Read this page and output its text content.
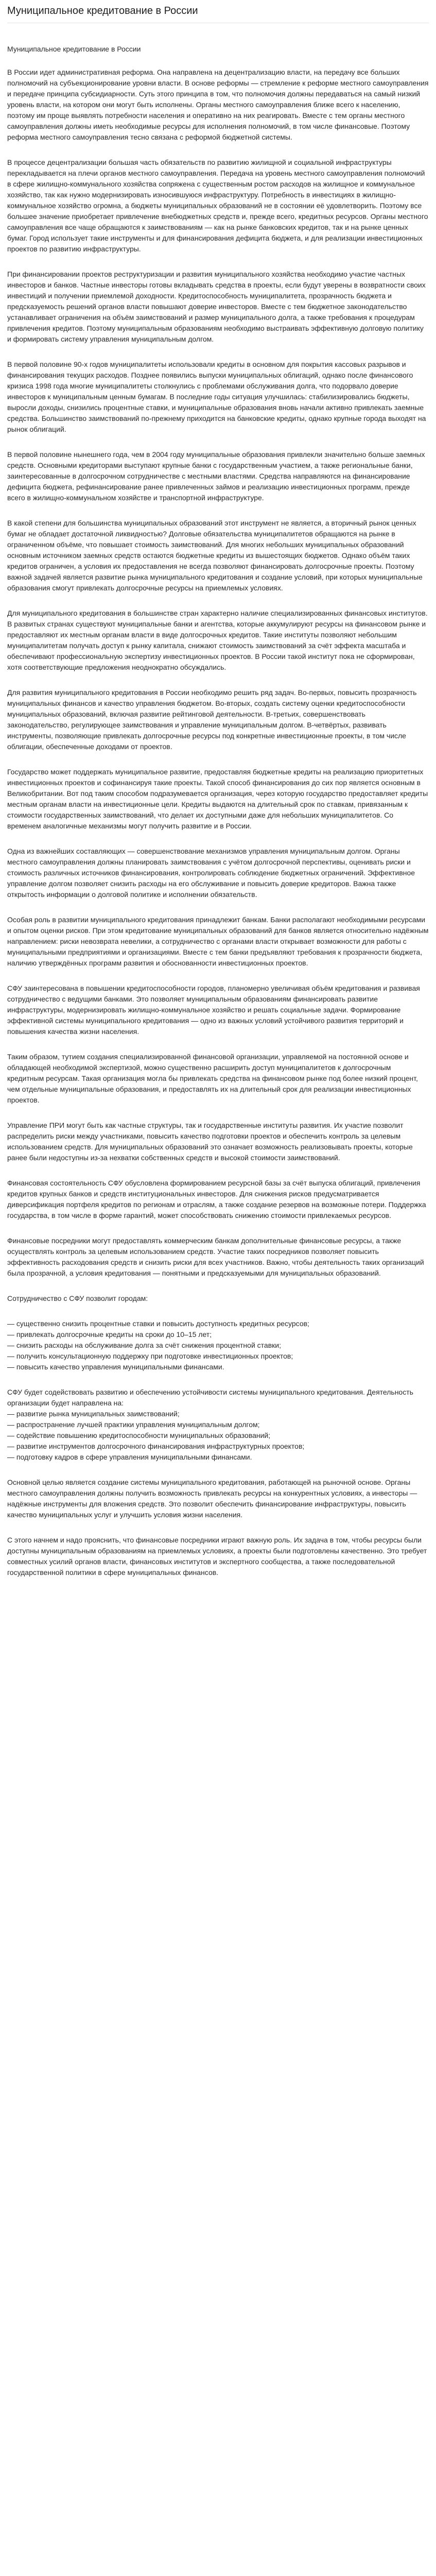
Муниципальное кредитование в России
Муниципальное кредитование в России

В России идет административная реформа. Она направлена на децентрализацию власти, на передачу все больших полномочий на субъекционирование уровни власти. В основе реформы — стремление к реформе местного самоуправления и передаче принципа субсидиарности. Суть этого принципа в том, что полномочия должны передаваться на самый низкий уровень власти, на котором они могут быть исполнены. Органы местного самоуправления ближе всего к населению, поэтому им проще выявлять потребности населения и оперативно на них реагировать. Вместе с тем органы местного самоуправления должны иметь необходимые ресурсы для исполнения полномочий, в том числе финансовые. Поэтому реформа местного самоуправления тесно связана с реформой бюджетной системы.

В процессе децентрализации большая часть обязательств по развитию жилищной и социальной инфраструктуры перекладывается на плечи органов местного самоуправления. Передача на уровень местного самоуправления полномочий в сфере жилищно-коммунального хозяйства сопряжена с существенным ростом расходов на жилищное и коммунальное хозяйство, так как нужно модернизировать износившуюся инфраструктуру. Потребность в инвестициях в жилищно-коммунальное хозяйство огромна, а бюджеты муниципальных образований не в состоянии её удовлетворить. Поэтому все большее значение приобретает привлечение внебюджетных средств и, прежде всего, кредитных ресурсов. Органы местного самоуправления все чаще обращаются к заимствованиям — как на рынке банковских кредитов, так и на рынке ценных бумаг. Город использует такие инструменты и для финансирования дефицита бюджета, и для реализации инвестиционных проектов по развитию инфраструктуры.

При финансировании проектов реструктуризации и развития муниципального хозяйства необходимо участие частных инвесторов и банков. Частные инвесторы готовы вкладывать средства в проекты, если будут уверены в возвратности своих инвестиций и получении приемлемой доходности. Кредитоспособность муниципалитета, прозрачность бюджета и предсказуемость решений органов власти повышают доверие инвесторов. Вместе с тем бюджетное законодательство устанавливает ограничения на объём заимствований и размер муниципального долга, а также требования к процедурам привлечения кредитов. Поэтому муниципальным образованиям необходимо выстраивать эффективную долговую политику и формировать систему управления муниципальным долгом.

В первой половине 90-х годов муниципалитеты использовали кредиты в основном для покрытия кассовых разрывов и финансирования текущих расходов. Позднее появились выпуски муниципальных облигаций, однако после финансового кризиса 1998 года многие муниципалитеты столкнулись с проблемами обслуживания долга, что подорвало доверие инвесторов к муниципальным ценным бумагам. В последние годы ситуация улучшилась: стабилизировались бюджеты, выросли доходы, снизились процентные ставки, и муниципальные образования вновь начали активно привлекать заемные средства. Большинство заимствований по-прежнему приходится на банковские кредиты, однако крупные города выходят на рынок облигаций.

В первой половине нынешнего года, чем в 2004 году муниципальные образования привлекли значительно больше заемных средств. Основными кредиторами выступают крупные банки с государственным участием, а также региональные банки, заинтересованные в долгосрочном сотрудничестве с местными властями. Средства направляются на финансирование дефицита бюджета, рефинансирование ранее привлеченных займов и реализацию инвестиционных программ, прежде всего в жилищно-коммунальном хозяйстве и транспортной инфраструктуре.

В какой степени для большинства муниципальных образований этот инструмент не является, а вторичный рынок ценных бумаг не обладает достаточной ликвидностью? Долговые обязательства муниципалитетов обращаются на рынке в ограниченном объёме, что повышает стоимость заимствований. Для многих небольших муниципальных образований основным источником заемных средств остаются бюджетные кредиты из вышестоящих бюджетов. Однако объём таких кредитов ограничен, а условия их предоставления не всегда позволяют финансировать долгосрочные проекты. Поэтому важной задачей является развитие рынка муниципального кредитования и создание условий, при которых муниципальные образования смогут привлекать долгосрочные ресурсы на приемлемых условиях.

Для муниципального кредитования в большинстве стран характерно наличие специализированных финансовых институтов. В развитых странах существуют муниципальные банки и агентства, которые аккумулируют ресурсы на финансовом рынке и предоставляют их местным органам власти в виде долгосрочных кредитов. Такие институты позволяют небольшим муниципалитетам получать доступ к рынку капитала, снижают стоимость заимствований за счёт эффекта масштаба и обеспечивают профессиональную экспертизу инвестиционных проектов. В России такой институт пока не сформирован, хотя соответствующие предложения неоднократно обсуждались.

Для развития муниципального кредитования в России необходимо решить ряд задач. Во-первых, повысить прозрачность муниципальных финансов и качество управления бюджетом. Во-вторых, создать систему оценки кредитоспособности муниципальных образований, включая развитие рейтинговой деятельности. В-третьих, совершенствовать законодательство, регулирующее заимствования и управление муниципальным долгом. В-четвёртых, развивать инструменты, позволяющие привлекать долгосрочные ресурсы под конкретные инвестиционные проекты, в том числе облигации, обеспеченные доходами от проектов.

Государство может поддержать муниципальное развитие, предоставляя бюджетные кредиты на реализацию приоритетных инвестиционных проектов и софинансируя такие проекты. Такой способ финансирования до сих пор является основным в Великобритании. Вот под таким способом подразумевается организация, через которую государство предоставляет кредиты местным органам власти на инвестиционные цели. Кредиты выдаются на длительный срок по ставкам, привязанным к стоимости государственных заимствований, что делает их доступными даже для небольших муниципалитетов. Со временем аналогичные механизмы могут получить развитие и в России.

Одна из важнейших составляющих — совершенствование механизмов управления муниципальным долгом. Органы местного самоуправления должны планировать заимствования с учётом долгосрочной перспективы, оценивать риски и стоимость различных источников финансирования, контролировать соблюдение бюджетных ограничений. Эффективное управление долгом позволяет снизить расходы на его обслуживание и повысить доверие кредиторов. Важна также открытость информации о долговой политике и исполнении обязательств.

Особая роль в развитии муниципального кредитования принадлежит банкам. Банки располагают необходимыми ресурсами и опытом оценки рисков. При этом кредитование муниципальных образований для банков является относительно надёжным направлением: риски невозврата невелики, а сотрудничество с органами власти открывает возможности для работы с муниципальными предприятиями и организациями. Вместе с тем банки предъявляют требования к прозрачности бюджета, наличию утверждённых программ развития и обоснованности инвестиционных проектов.

СФУ заинтересована в повышении кредитоспособности городов, планомерно увеличивая объём кредитования и развивая сотрудничество с ведущими банками. Это позволяет муниципальным образованиям финансировать развитие инфраструктуры, модернизировать жилищно-коммунальное хозяйство и решать социальные задачи. Формирование эффективной системы муниципального кредитования — одно из важных условий устойчивого развития территорий и повышения качества жизни населения.

Таким образом, тутием создания специализированной финансовой организации, управляемой на постоянной основе и обладающей необходимой экспертизой, можно существенно расширить доступ муниципалитетов к долгосрочным кредитным ресурсам. Такая организация могла бы привлекать средства на финансовом рынке под более низкий процент, чем отдельные муниципальные образования, и предоставлять их на длительный срок для реализации инвестиционных проектов.

Управление ПРИ могут быть как частные структуры, так и государственные институты развития. Их участие позволит распределить риски между участниками, повысить качество подготовки проектов и обеспечить контроль за целевым использованием средств. Для муниципальных образований это означает возможность реализовывать проекты, которые ранее были недоступны из-за нехватки собственных средств и высокой стоимости заимствований.

Финансовая состоятельность СФУ обусловлена формированием ресурсной базы за счёт выпуска облигаций, привлечения кредитов крупных банков и средств институциональных инвесторов. Для снижения рисков предусматривается диверсификация портфеля кредитов по регионам и отраслям, а также создание резервов на возможные потери. Поддержка государства, в том числе в форме гарантий, может способствовать снижению стоимости привлекаемых ресурсов.

Финансовые посредники могут предоставлять коммерческим банкам дополнительные финансовые ресурсы, а также осуществлять контроль за целевым использованием средств. Участие таких посредников позволяет повысить эффективность расходования средств и снизить риски для всех участников. Важно, чтобы деятельность таких организаций была прозрачной, а условия кредитования — понятными и предсказуемыми для муниципальных образований.

Сотрудничество с СФУ позволит городам:

— существенно снизить процентные ставки и повысить доступность кредитных ресурсов;
— привлекать долгосрочные кредиты на сроки до 10–15 лет;
— снизить расходы на обслуживание долга за счёт снижения процентной ставки;
— получить консультационную поддержку при подготовке инвестиционных проектов;
— повысить качество управления муниципальными финансами.

СФУ будет содействовать развитию и обеспечению устойчивости системы муниципального кредитования. Деятельность организации будет направлена на:
— развитие рынка муниципальных заимствований;
— распространение лучшей практики управления муниципальным долгом;
— содействие повышению кредитоспособности муниципальных образований;
— развитие инструментов долгосрочного финансирования инфраструктурных проектов;
— подготовку кадров в сфере управления муниципальными финансами.

Основной целью является создание системы муниципального кредитования, работающей на рыночной основе. Органы местного самоуправления должны получить возможность привлекать ресурсы на конкурентных условиях, а инвесторы — надёжные инструменты для вложения средств. Это позволит обеспечить финансирование инфраструктуры, повысить качество муниципальных услуг и улучшить условия жизни населения.

С этого начнем и надо прояснить, что финансовые посредники играют важную роль. Их задача в том, чтобы ресурсы были доступны муниципальным образованиям на приемлемых условиях, а проекты были подготовлены качественно. Это требует совместных усилий органов власти, финансовых институтов и экспертного сообщества, а также последовательной государственной политики в сфере муниципальных финансов.
